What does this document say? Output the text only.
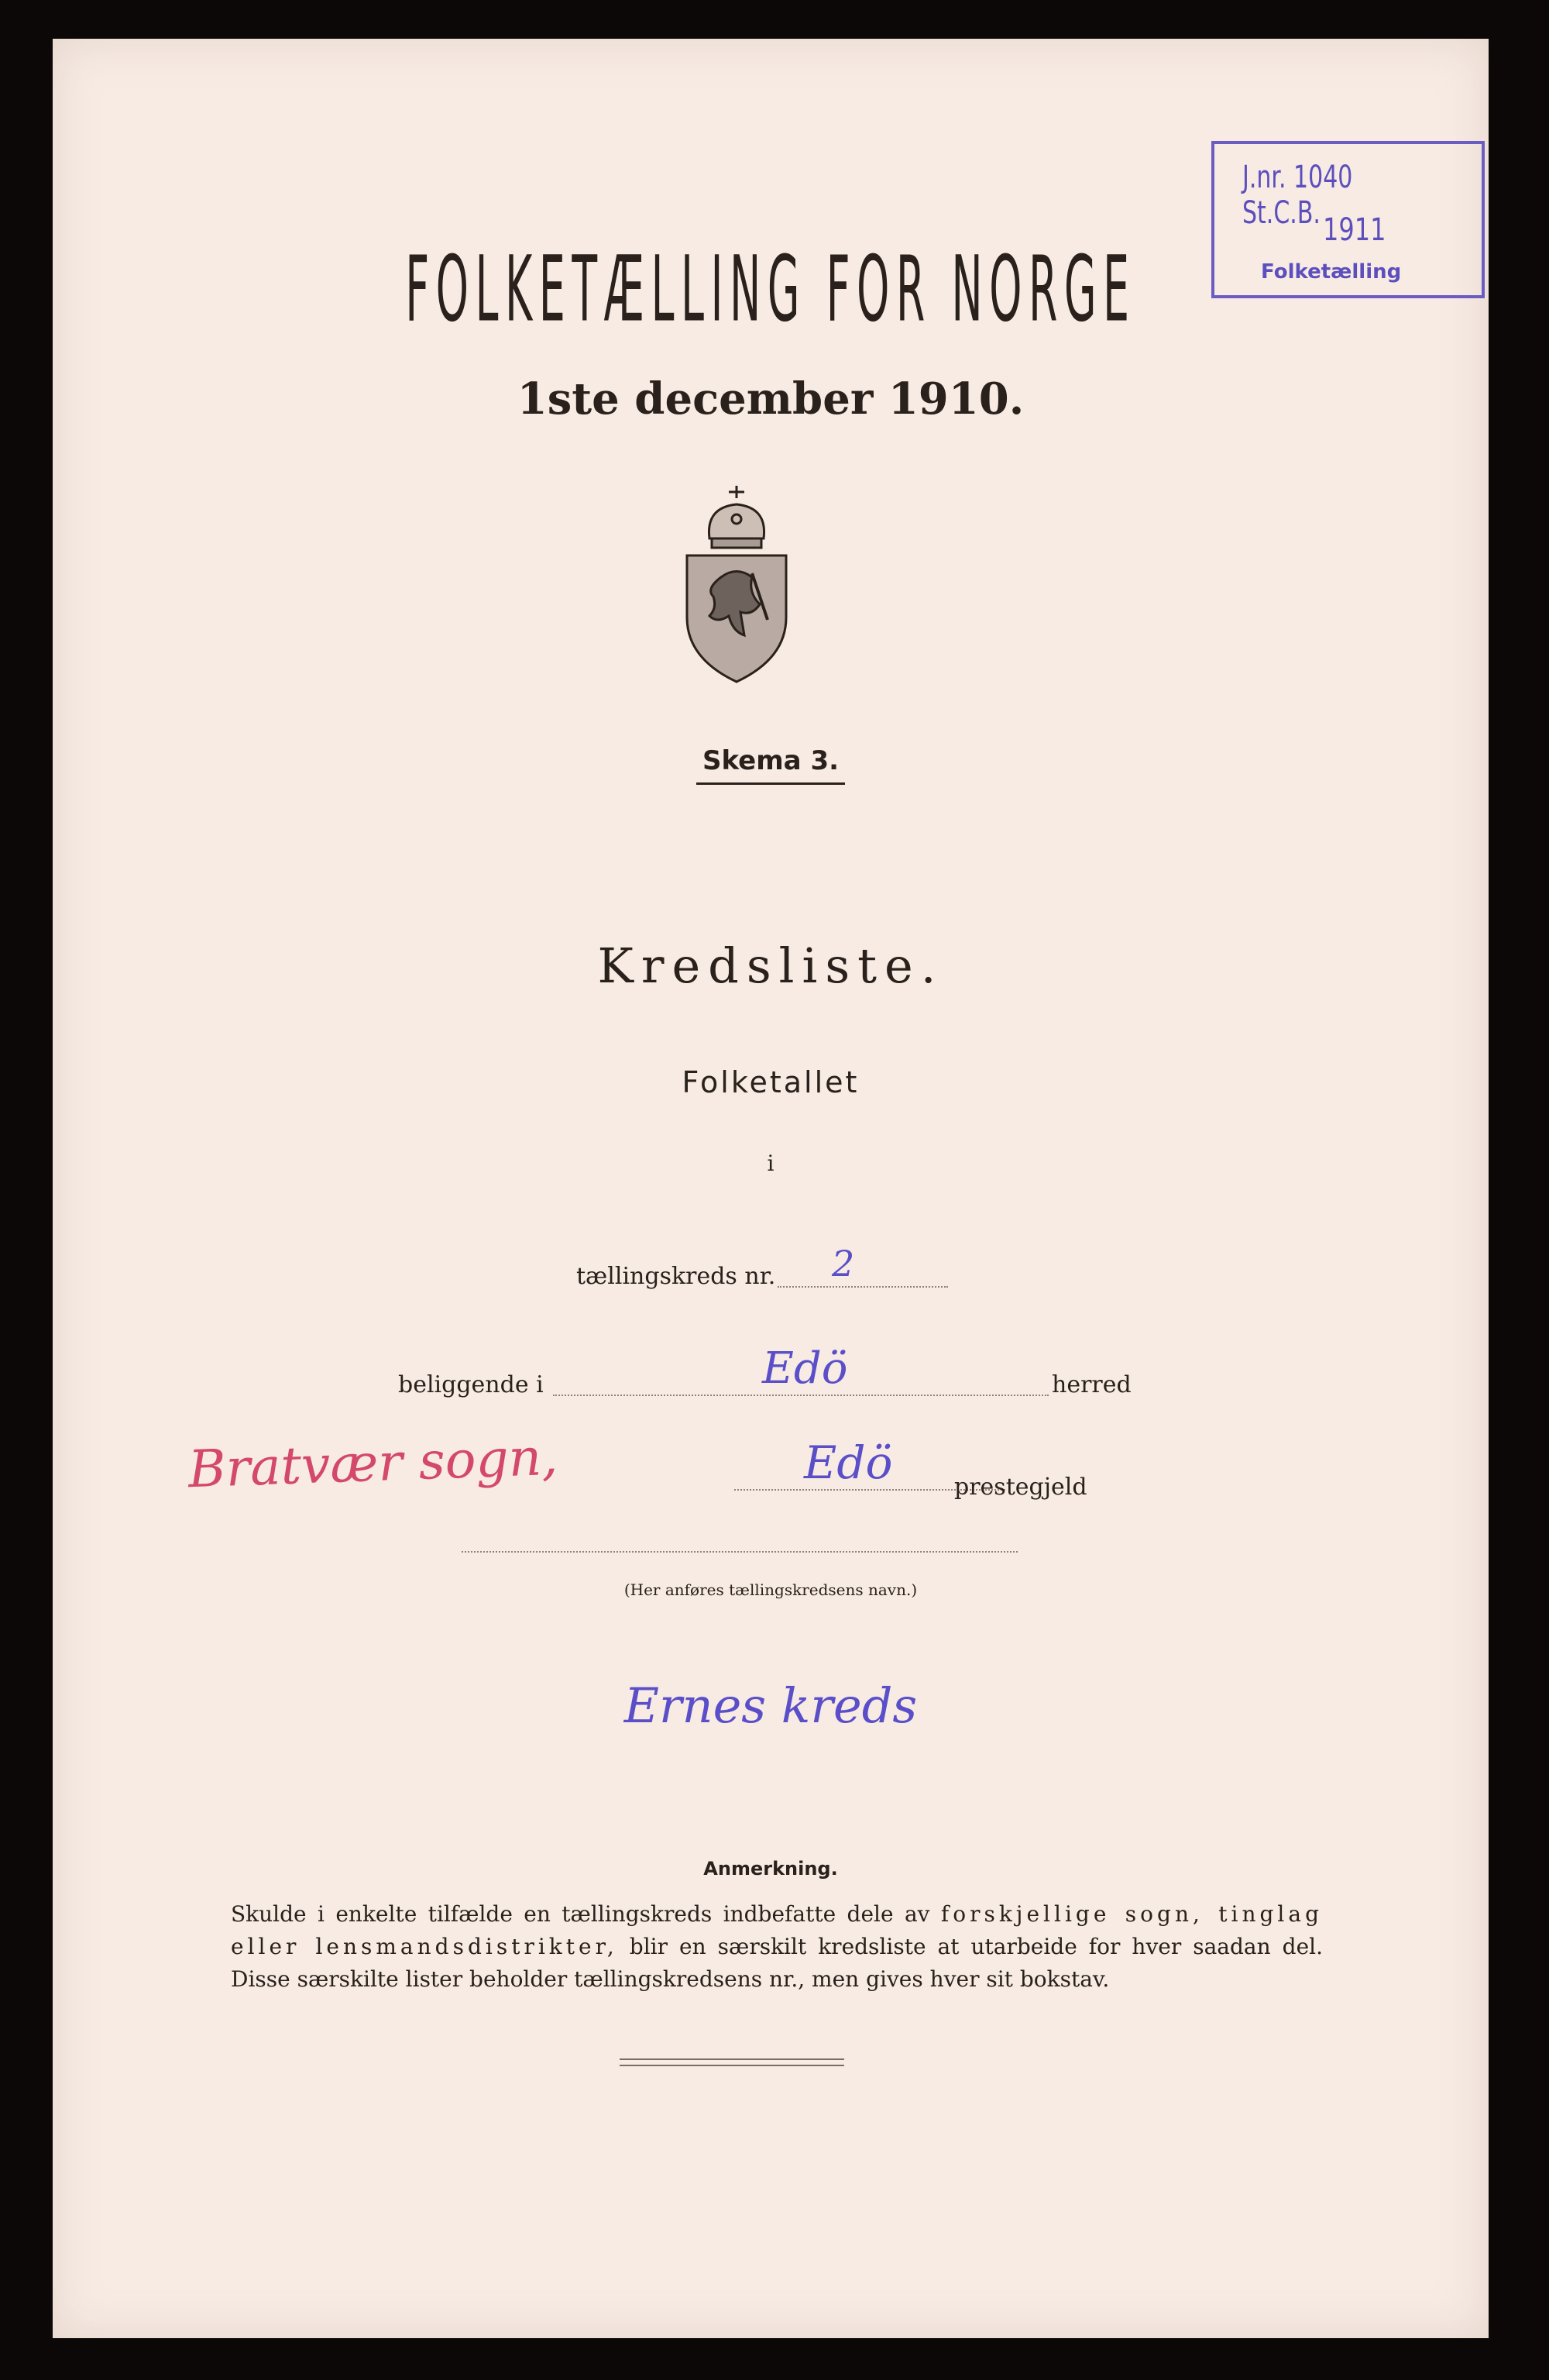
J.nr. 1040 St.C.B. 1911
Folketælling
FOLKETÆLLING FOR NORGE
1ste december 1910.
Skema 3.
Kredsliste.
Folketallet
i
tællingskreds nr. 2
beliggende i	Edö	herred
Bratvær sogn,	Edö	prestegjeld
(Her anføres tællingskredsens navn.)
Ernes kreds
Anmerkning.
Skulde i enkelte tilfælde en tællingskreds indbefatte dele av forskjellige sogn, tinglag eller lensmandsdistrikter, blir en særskilt kredsliste at utarbeide for hver saadan del. Disse særskilte lister beholder tællingskredsens nr., men gives hver sit bokstav.
